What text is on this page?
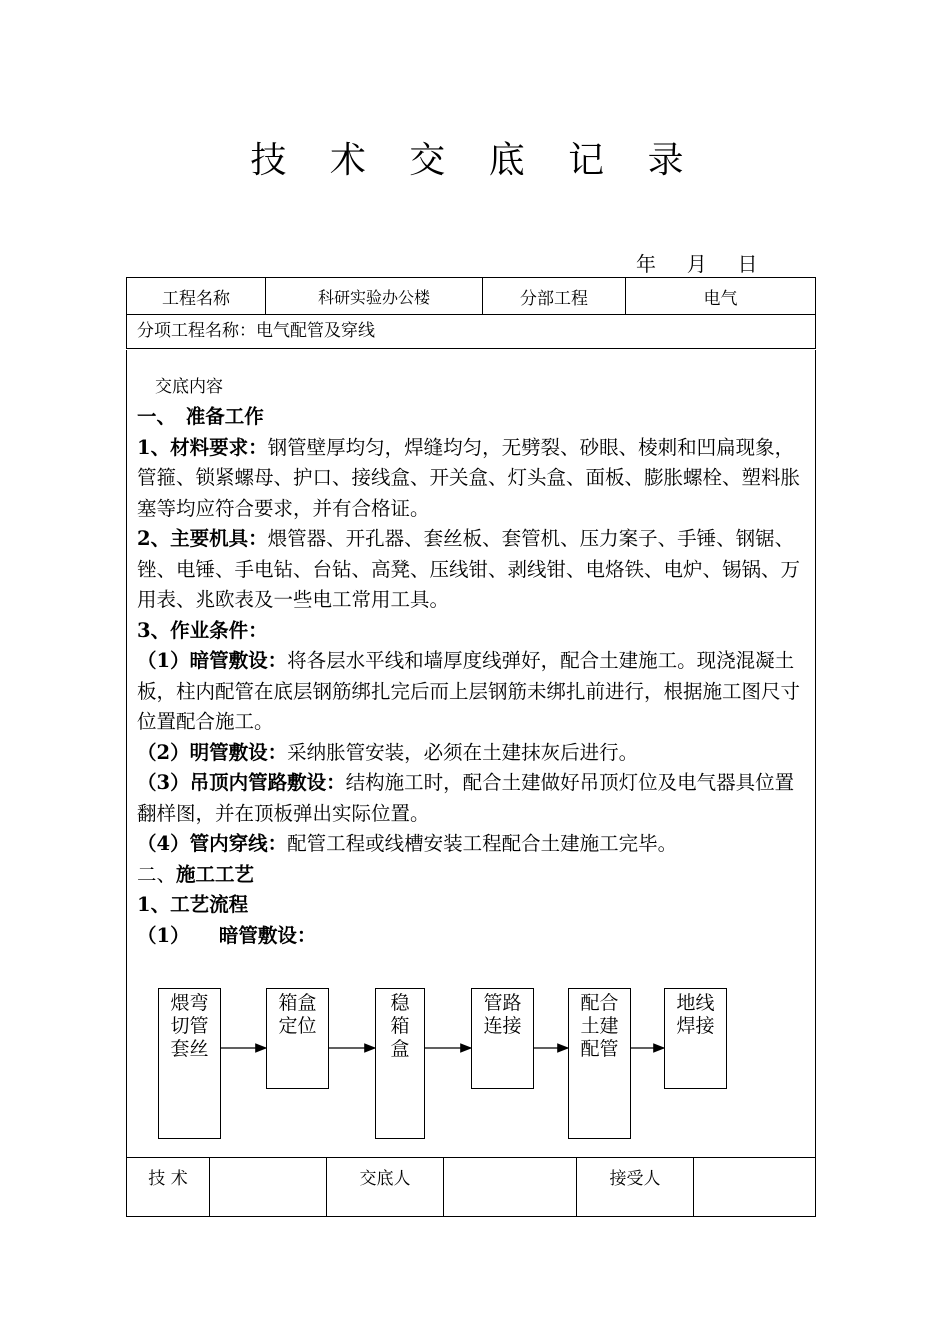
技 术 交 底 记 录
年 月 日
工程名称	科研实验办公楼	分部工程	电气
分项工程名称：电气配管及穿线

交底内容

一、　准备工作

1、材料要求：钢管壁厚均匀，焊缝均匀，无劈裂、砂眼、棱刺和凹扁现象，管箍、锁紧螺母、护口、接线盒、开关盒、灯头盒、面板、膨胀螺栓、塑料胀塞等均应符合要求，并有合格证。

2、主要机具：煨管器、开孔器、套丝板、套管机、压力案子、手锤、钢锯、锉、电锤、手电钻、台钻、高凳、压线钳、剥线钳、电烙铁、电炉、锡锅、万用表、兆欧表及一些电工常用工具。

3、作业条件：

（1）暗管敷设：将各层水平线和墙厚度线弹好，配合土建施工。现浇混凝土板，柱内配管在底层钢筋绑扎完后而上层钢筋未绑扎前进行，根据施工图尺寸位置配合施工。

（2）明管敷设：采纳胀管安装，必须在土建抹灰后进行。

（3）吊顶内管路敷设：结构施工时，配合土建做好吊顶灯位及电气器具位置翻样图，并在顶板弹出实际位置。

（4）管内穿线：配管工程或线槽安装工程配合土建施工完毕。

二、施工工艺

1、工艺流程

（1）　　暗管敷设：

煨弯
切管
套丝
箱盒
定位
稳
箱
盒
管路
连接
配合
土建
配管
地线
焊接
技 术		交底人		接受人	
